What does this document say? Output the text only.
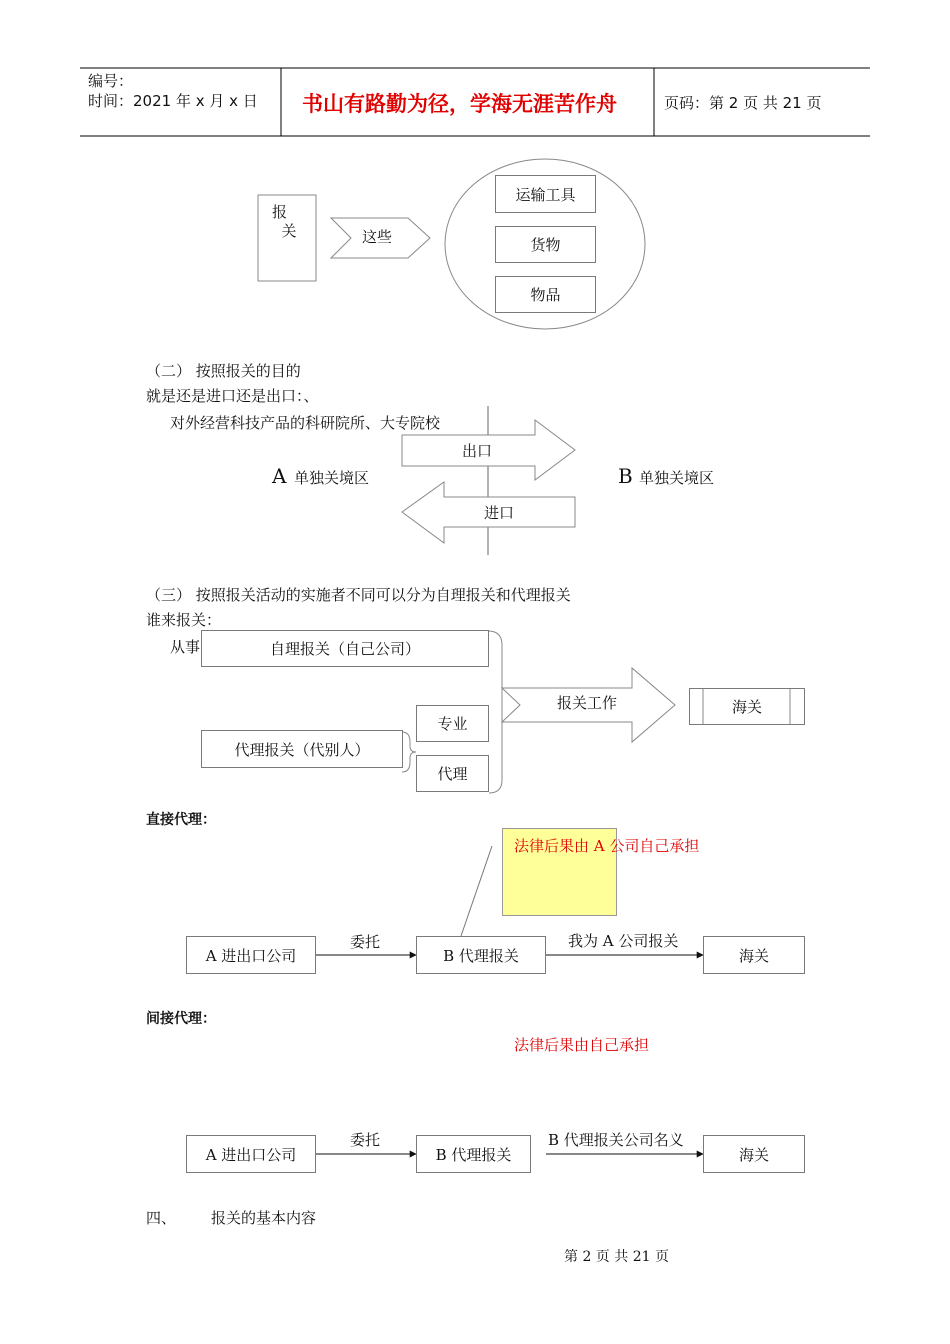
编号：
时间：2021 年 x 月 x 日 书山有路勤为径，学海无涯苦作舟	页码：第 2 页 共 21 页
报
关	这些
运输工具
货物
物品
（二） 按照报关的目的
就是还是进口还是出口：、
对外经营科技产品的科研院所、大专院校
出口
进口
A 单独关境区	B 单独关境区
（三） 按照报关活动的实施者不同可以分为自理报关和代理报关
谁来报关：
从事	自理报关（自己公司）
代理报关（代别人）
专业
代理
报关工作	海关
直接代理：
法律后果由 A 公司自己承担
A 进出口公司
委托
B 代理报关
我为 A 公司报关
海关
间接代理：
法律后果由自己承担
A 进出口公司
委托
B 代理报关
B 代理报关公司名义
海关
四、 报关的基本内容
第 2 页 共 21 页
